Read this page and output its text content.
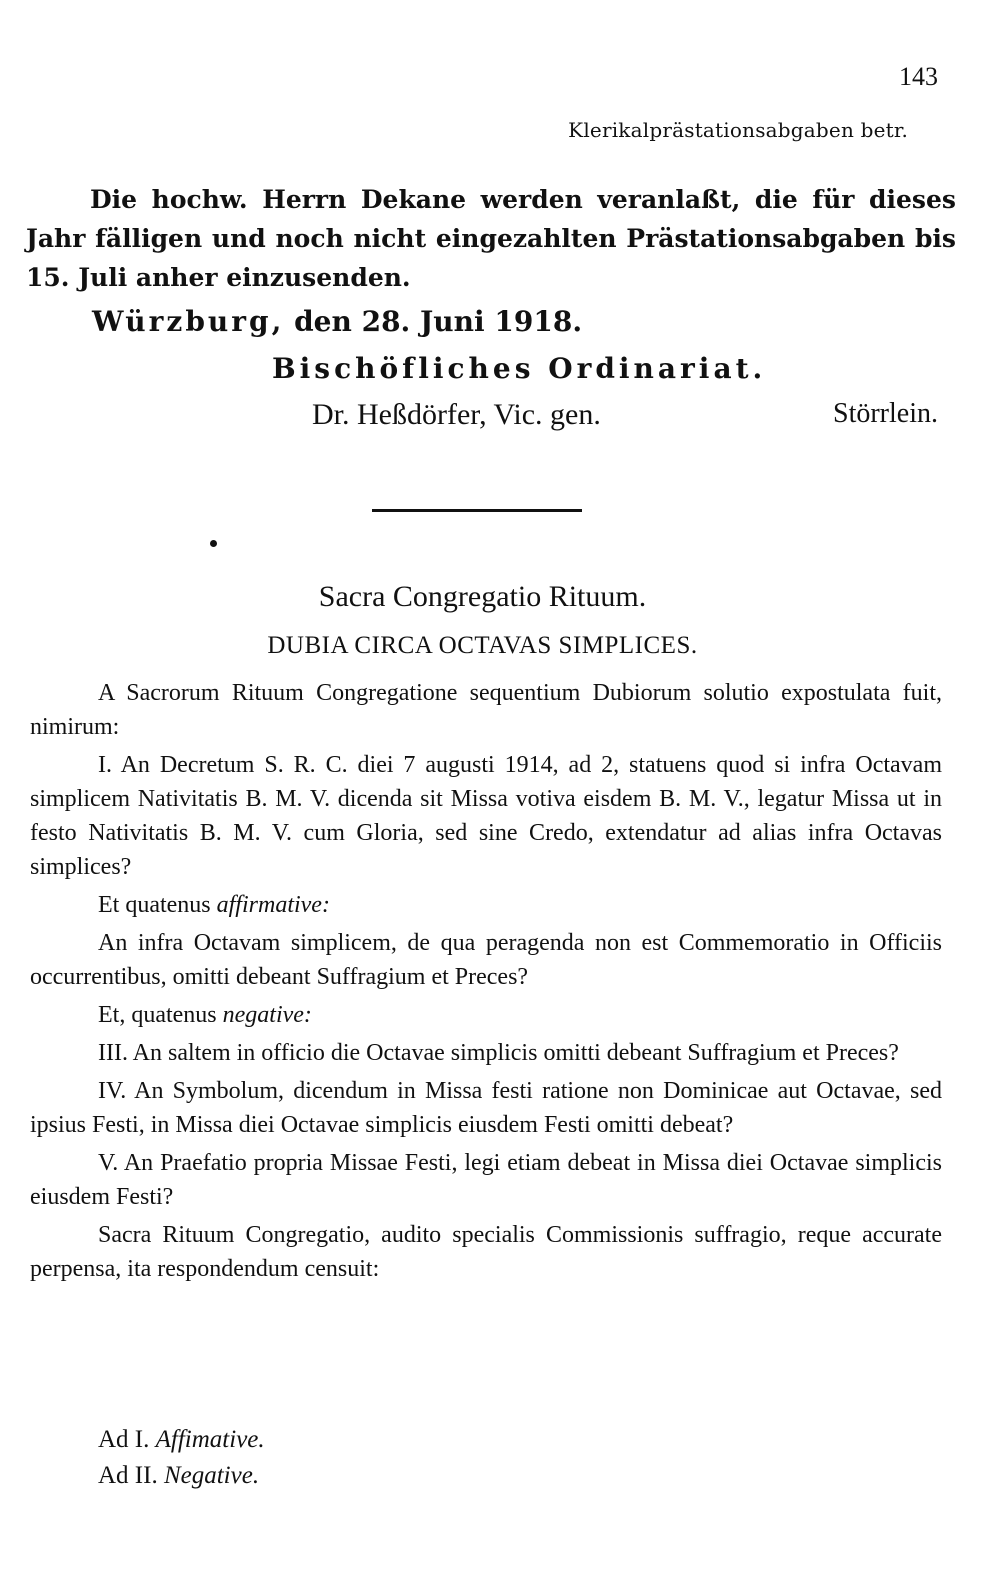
143
Klerikalprästationsabgaben betr.
Die hochw. Herrn Dekane werden veranlaßt, die für dieses Jahr fälligen und noch nicht eingezahlten Prästationsabgaben bis 15. Juli anher einzusenden.
Würzburg, den 28. Juni 1918.
Bischöfliches Ordinariat.
Dr. Heßdörfer, Vic. gen.	Störrlein.
Sacra Congregatio Rituum.
DUBIA CIRCA OCTAVAS SIMPLICES.

A Sacrorum Rituum Congregatione sequentium Dubiorum solutio expostulata fuit, nimirum:

I. An Decretum S. R. C. diei 7 augusti 1914, ad 2, statuens quod si infra Octavam simplicem Nativitatis B. M. V. dicenda sit Missa votiva eisdem B. M. V., legatur Missa ut in festo Nativitatis B. M. V. cum Gloria, sed sine Credo, extendatur ad alias infra Octavas simplices?

Et quatenus affirmative:

An infra Octavam simplicem, de qua peragenda non est Commemoratio in Officiis occurrentibus, omitti debeant Suffragium et Preces?

Et, quatenus negative:

III. An saltem in officio die Octavae simplicis omitti debeant Suffragium et Preces?

IV. An Symbolum, dicendum in Missa festi ratione non Dominicae aut Octavae, sed ipsius Festi, in Missa diei Octavae simplicis eiusdem Festi omitti debeat?

V. An Praefatio propria Missae Festi, legi etiam debeat in Missa diei Octavae simplicis eiusdem Festi?

Sacra Rituum Congregatio, audito specialis Commissionis suffragio, reque accurate perpensa, ita respondendum censuit:

Ad I. Affimative.
Ad II. Negative.
